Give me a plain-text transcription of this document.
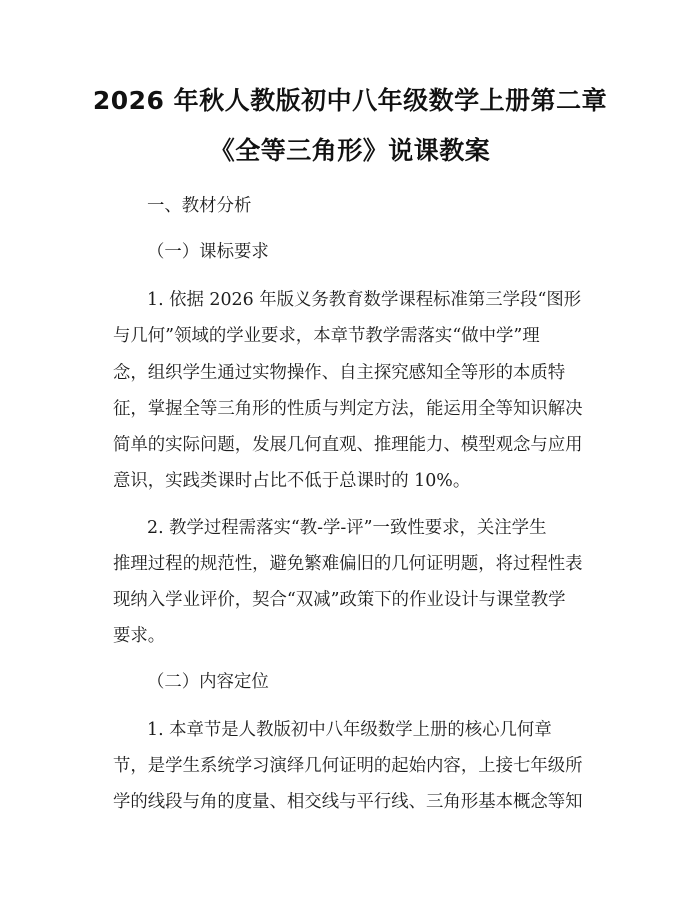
2026 年秋人教版初中八年级数学上册第二章
《全等三角形》说课教案
一、教材分析
（一）课标要求
1. 依据 2026 年版义务教育数学课程标准第三学段“图形
与几何”领域的学业要求，本章节教学需落实“做中学”理
念，组织学生通过实物操作、自主探究感知全等形的本质特
征，掌握全等三角形的性质与判定方法，能运用全等知识解决
简单的实际问题，发展几何直观、推理能力、模型观念与应用
意识，实践类课时占比不低于总课时的 10%。
2. 教学过程需落实“教-学-评”一致性要求，关注学生
推理过程的规范性，避免繁难偏旧的几何证明题，将过程性表
现纳入学业评价，契合“双减”政策下的作业设计与课堂教学
要求。
（二）内容定位
1. 本章节是人教版初中八年级数学上册的核心几何章
节，是学生系统学习演绎几何证明的起始内容，上接七年级所
学的线段与角的度量、相交线与平行线、三角形基本概念等知
